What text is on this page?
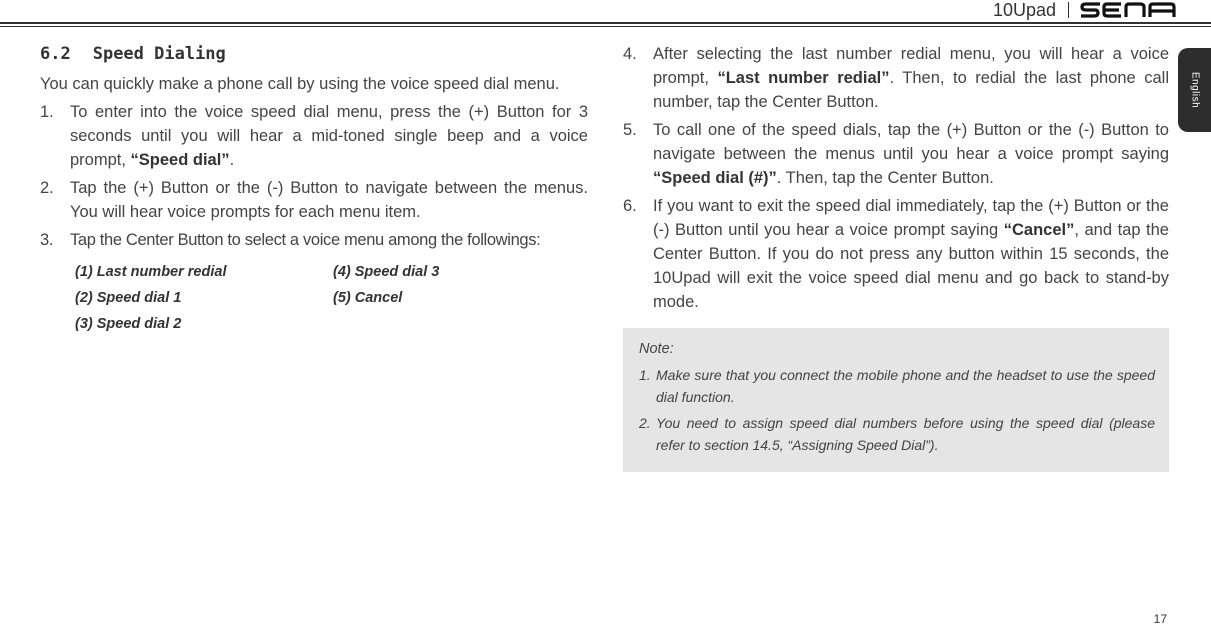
10Upad
English
6.2 Speed Dialing

You can quickly make a phone call by using the voice speed dial menu.

1. To enter into the voice speed dial menu, press the (+) Button for 3 seconds until you will hear a mid-toned single beep and a voice prompt, “Speed dial”.
2. Tap the (+) Button or the (-) Button to navigate between the menus. You will hear voice prompts for each menu item.
3. Tap the Center Button to select a voice menu among the followings:
(1) Last number redial	(4) Speed dial 3
(2) Speed dial 1	(5) Cancel
(3) Speed dial 2
4. After selecting the last number redial menu, you will hear a voice prompt, “Last number redial”. Then, to redial the last phone call number, tap the Center Button.
5. To call one of the speed dials, tap the (+) Button or the (-) Button to navigate between the menus until you hear a voice prompt saying “Speed dial (#)”. Then, tap the Center Button.
6. If you want to exit the speed dial immediately, tap the (+) Button or the (-) Button until you hear a voice prompt saying “Cancel”, and tap the Center Button. If you do not press any button within 15 seconds, the 10Upad will exit the voice speed dial menu and go back to stand-by mode.
Note:
1. Make sure that you connect the mobile phone and the headset to use the speed dial function.
2. You need to assign speed dial numbers before using the speed dial (please refer to section 14.5, “Assigning Speed Dial”).
17
